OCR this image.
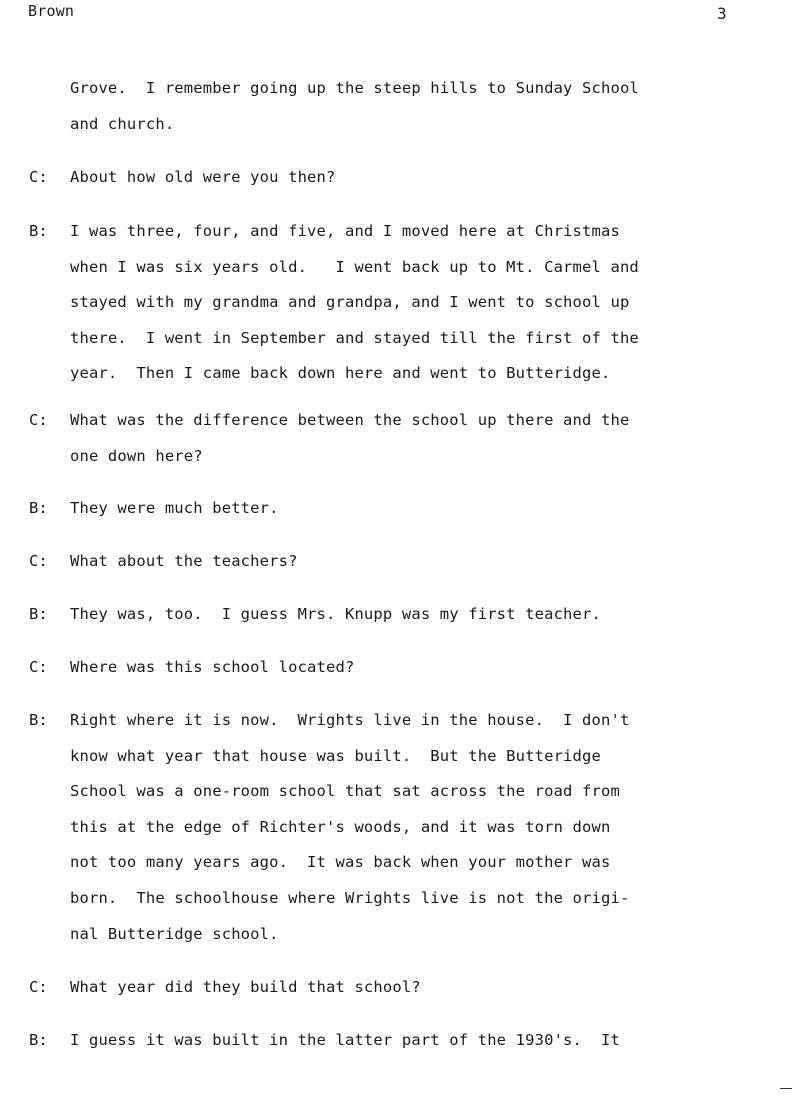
Brown	3
Grove.  I remember going up the steep hills to Sunday School
and church.
C: About how old were you then?
B: I was three, four, and five, and I moved here at Christmas
when I was six years old.   I went back up to Mt. Carmel and
stayed with my grandma and grandpa, and I went to school up
there.  I went in September and stayed till the first of the
year.  Then I came back down here and went to Butteridge.
C: What was the difference between the school up there and the
one down here?
B: They were much better.
C: What about the teachers?
B: They was, too.  I guess Mrs. Knupp was my first teacher.
C: Where was this school located?
B: Right where it is now.  Wrights live in the house.  I don't
know what year that house was built.  But the Butteridge
School was a one-room school that sat across the road from
this at the edge of Richter's woods, and it was torn down
not too many years ago.  It was back when your mother was
born.  The schoolhouse where Wrights live is not the origi-
nal Butteridge school.
C: What year did they build that school?
B: I guess it was built in the latter part of the 1930's.  It
